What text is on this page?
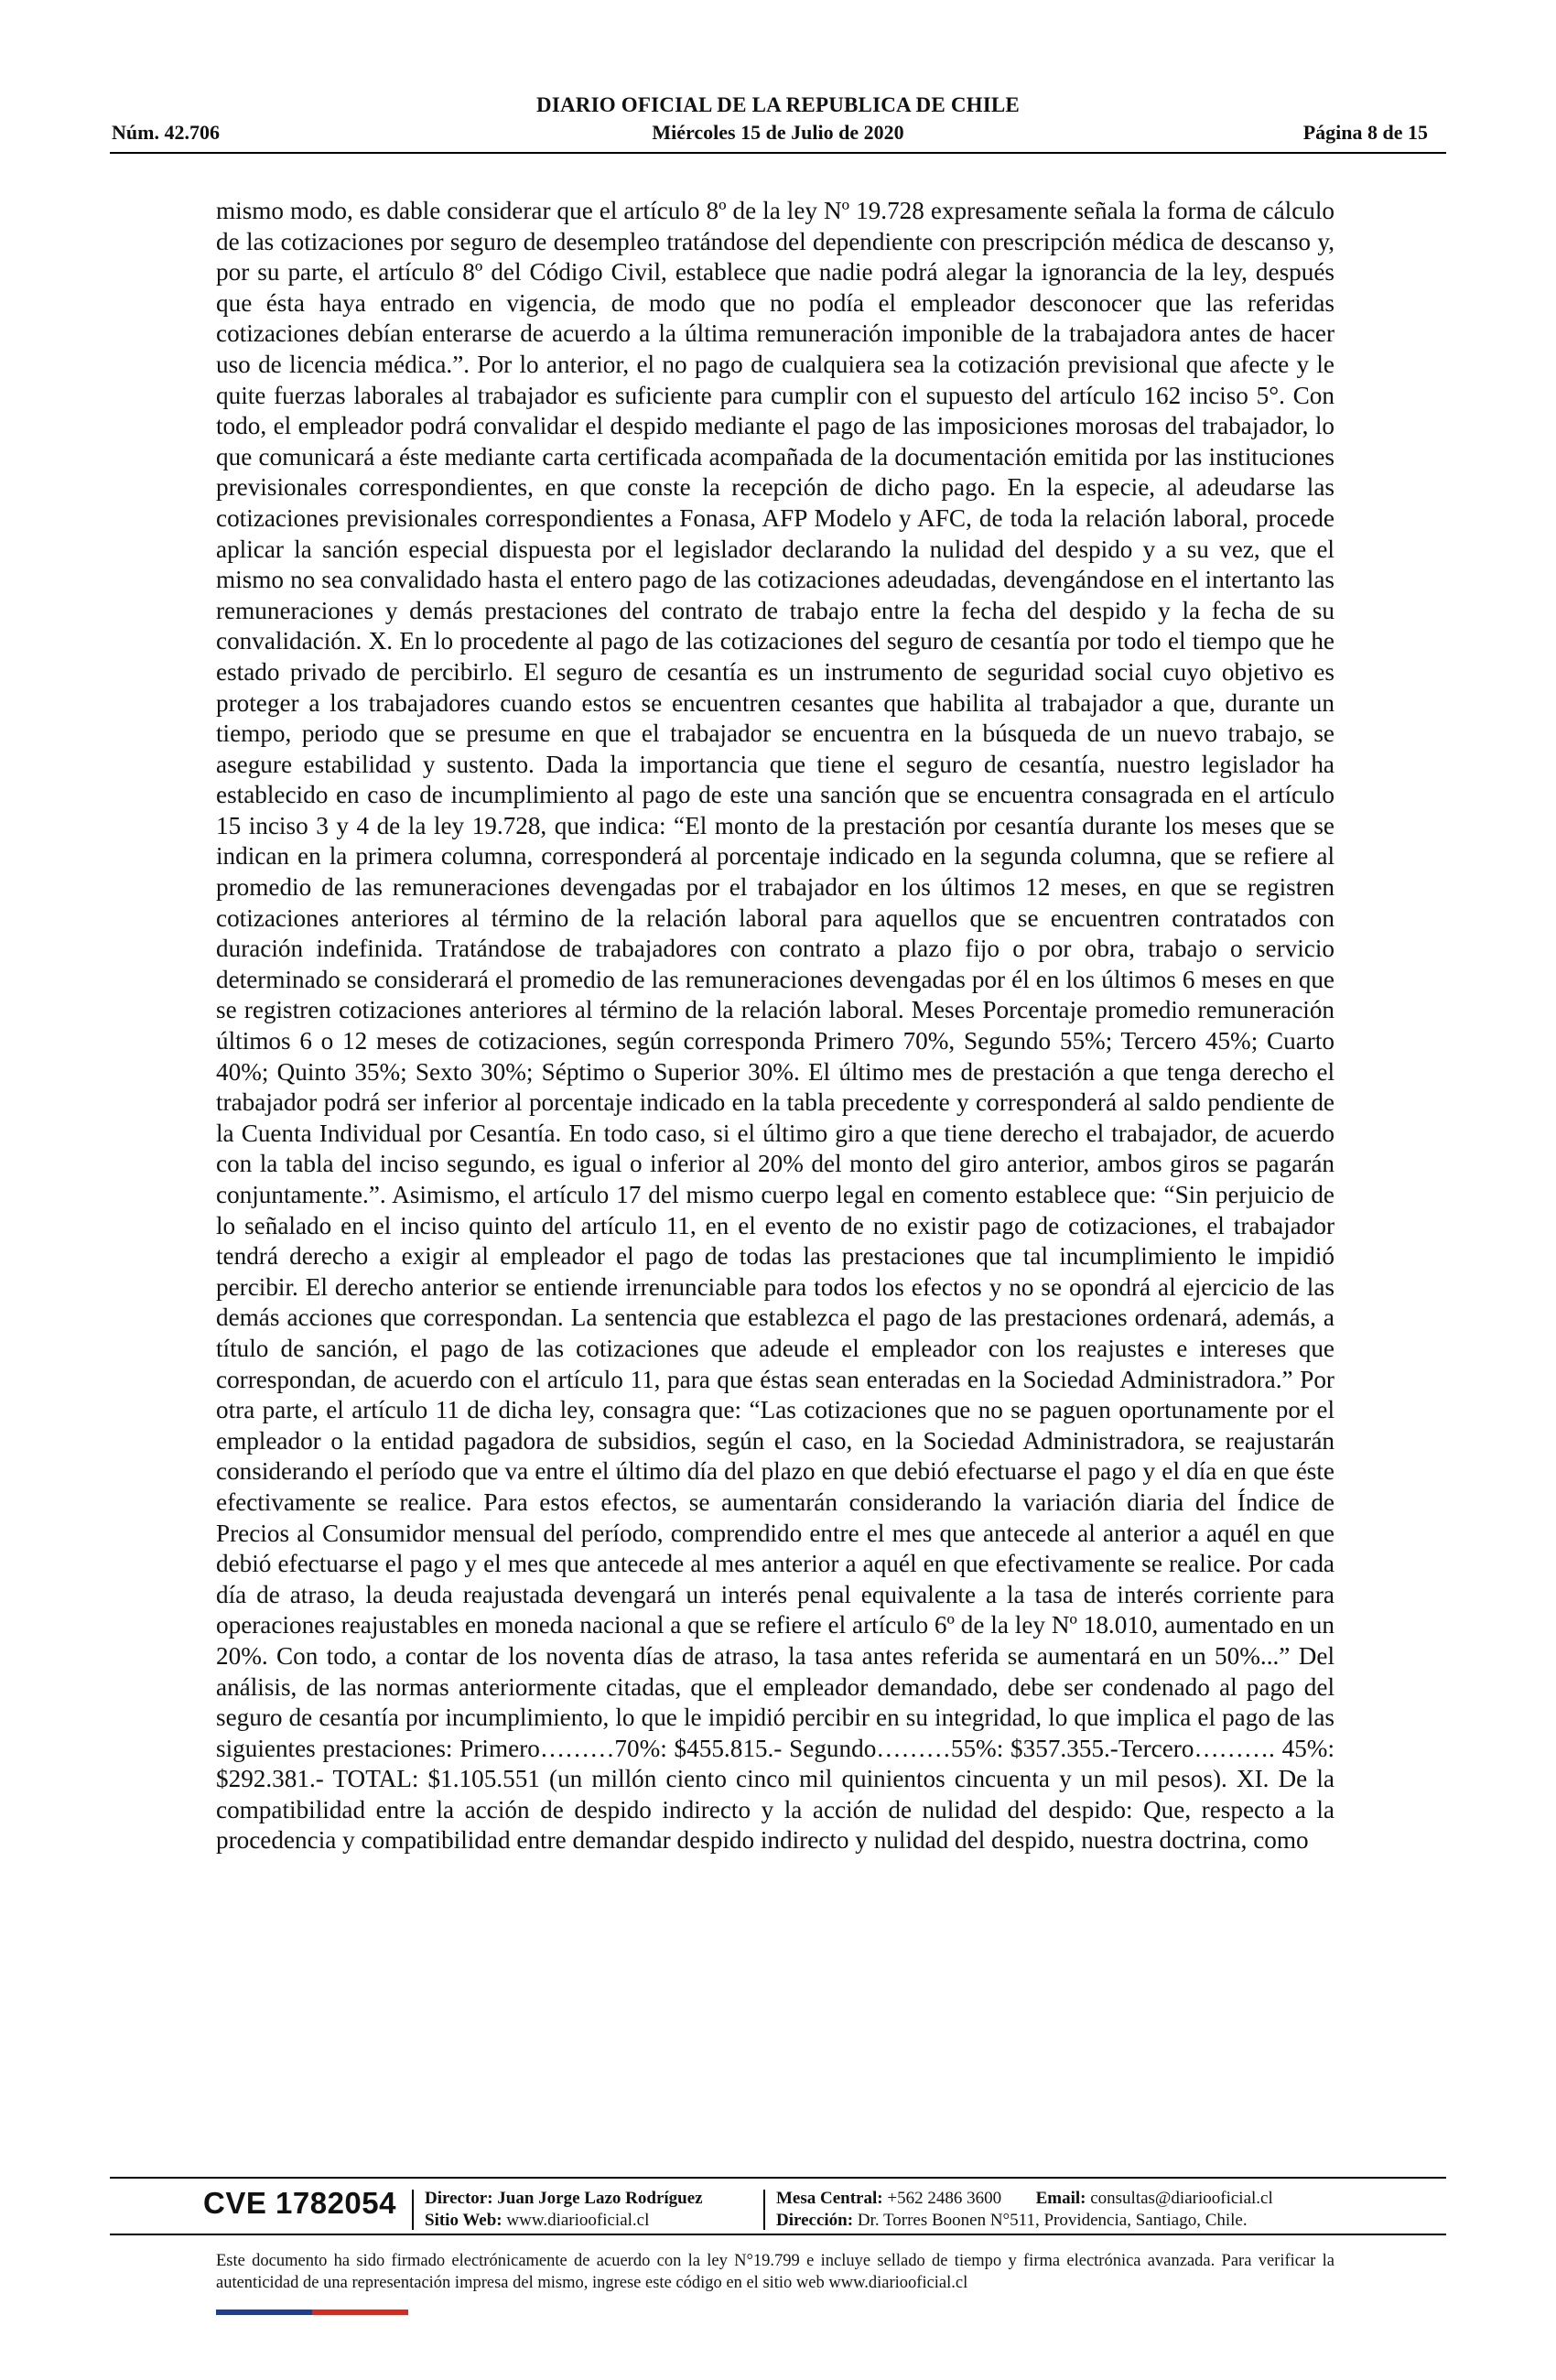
DIARIO OFICIAL DE LA REPUBLICA DE CHILE
Núm. 42.706	Miércoles 15 de Julio de 2020	Página 8 de 15

mismo modo, es dable considerar que el artículo 8º de la ley Nº 19.728 expresamente señala la forma de cálculo de las cotizaciones por seguro de desempleo tratándose del dependiente con prescripción médica de descanso y, por su parte, el artículo 8º del Código Civil, establece que nadie podrá alegar la ignorancia de la ley, después que ésta haya entrado en vigencia, de modo que no podía el empleador desconocer que las referidas cotizaciones debían enterarse de acuerdo a la última remuneración imponible de la trabajadora antes de hacer uso de licencia médica.”. Por lo anterior, el no pago de cualquiera sea la cotización previsional que afecte y le quite fuerzas laborales al trabajador es suficiente para cumplir con el supuesto del artículo 162 inciso 5°. Con todo, el empleador podrá convalidar el despido mediante el pago de las imposiciones morosas del trabajador, lo que comunicará a éste mediante carta certificada acompañada de la documentación emitida por las instituciones previsionales correspondientes, en que conste la recepción de dicho pago. En la especie, al adeudarse las cotizaciones previsionales correspondientes a Fonasa, AFP Modelo y AFC, de toda la relación laboral, procede aplicar la sanción especial dispuesta por el legislador declarando la nulidad del despido y a su vez, que el mismo no sea convalidado hasta el entero pago de las cotizaciones adeudadas, devengándose en el intertanto las remuneraciones y demás prestaciones del contrato de trabajo entre la fecha del despido y la fecha de su convalidación. X. En lo procedente al pago de las cotizaciones del seguro de cesantía por todo el tiempo que he estado privado de percibirlo. El seguro de cesantía es un instrumento de seguridad social cuyo objetivo es proteger a los trabajadores cuando estos se encuentren cesantes que habilita al trabajador a que, durante un tiempo, periodo que se presume en que el trabajador se encuentra en la búsqueda de un nuevo trabajo, se asegure estabilidad y sustento. Dada la importancia que tiene el seguro de cesantía, nuestro legislador ha establecido en caso de incumplimiento al pago de este una sanción que se encuentra consagrada en el artículo 15 inciso 3 y 4 de la ley 19.728, que indica: “El monto de la prestación por cesantía durante los meses que se indican en la primera columna, corresponderá al porcentaje indicado en la segunda columna, que se refiere al promedio de las remuneraciones devengadas por el trabajador en los últimos 12 meses, en que se registren cotizaciones anteriores al término de la relación laboral para aquellos que se encuentren contratados con duración indefinida. Tratándose de trabajadores con contrato a plazo fijo o por obra, trabajo o servicio determinado se considerará el promedio de las remuneraciones devengadas por él en los últimos 6 meses en que se registren cotizaciones anteriores al término de la relación laboral. Meses Porcentaje promedio remuneración últimos 6 o 12 meses de cotizaciones, según corresponda Primero 70%, Segundo 55%; Tercero 45%; Cuarto 40%; Quinto 35%; Sexto 30%; Séptimo o Superior 30%. El último mes de prestación a que tenga derecho el trabajador podrá ser inferior al porcentaje indicado en la tabla precedente y corresponderá al saldo pendiente de la Cuenta Individual por Cesantía. En todo caso, si el último giro a que tiene derecho el trabajador, de acuerdo con la tabla del inciso segundo, es igual o inferior al 20% del monto del giro anterior, ambos giros se pagarán conjuntamente.”. Asimismo, el artículo 17 del mismo cuerpo legal en comento establece que: “Sin perjuicio de lo señalado en el inciso quinto del artículo 11, en el evento de no existir pago de cotizaciones, el trabajador tendrá derecho a exigir al empleador el pago de todas las prestaciones que tal incumplimiento le impidió percibir. El derecho anterior se entiende irrenunciable para todos los efectos y no se opondrá al ejercicio de las demás acciones que correspondan. La sentencia que establezca el pago de las prestaciones ordenará, además, a título de sanción, el pago de las cotizaciones que adeude el empleador con los reajustes e intereses que correspondan, de acuerdo con el artículo 11, para que éstas sean enteradas en la Sociedad Administradora.” Por otra parte, el artículo 11 de dicha ley, consagra que: “Las cotizaciones que no se paguen oportunamente por el empleador o la entidad pagadora de subsidios, según el caso, en la Sociedad Administradora, se reajustarán considerando el período que va entre el último día del plazo en que debió efectuarse el pago y el día en que éste efectivamente se realice. Para estos efectos, se aumentarán considerando la variación diaria del Índice de Precios al Consumidor mensual del período, comprendido entre el mes que antecede al anterior a aquél en que debió efectuarse el pago y el mes que antecede al mes anterior a aquél en que efectivamente se realice. Por cada día de atraso, la deuda reajustada devengará un interés penal equivalente a la tasa de interés corriente para operaciones reajustables en moneda nacional a que se refiere el artículo 6º de la ley Nº 18.010, aumentado en un 20%. Con todo, a contar de los noventa días de atraso, la tasa antes referida se aumentará en un 50%...” Del análisis, de las normas anteriormente citadas, que el empleador demandado, debe ser condenado al pago del seguro de cesantía por incumplimiento, lo que le impidió percibir en su integridad, lo que implica el pago de las siguientes prestaciones: Primero………70%: $455.815.- Segundo………55%: $357.355.-Tercero………. 45%: $292.381.- TOTAL: $1.105.551 (un millón ciento cinco mil quinientos cincuenta y un mil pesos). XI. De la compatibilidad entre la acción de despido indirecto y la acción de nulidad del despido: Que, respecto a la procedencia y compatibilidad entre demandar despido indirecto y nulidad del despido, nuestra doctrina, como

CVE 1782054 Director: Juan Jorge Lazo Rodríguez
Sitio Web: www.diariooficial.cl
Mesa Central: +562 2486 3600 Email: consultas@diariooficial.cl
Dirección: Dr. Torres Boonen N°511, Providencia, Santiago, Chile.
Este documento ha sido firmado electrónicamente de acuerdo con la ley N°19.799 e incluye sellado de tiempo y firma electrónica avanzada. Para verificar la autenticidad de una representación impresa del mismo, ingrese este código en el sitio web www.diariooficial.cl
